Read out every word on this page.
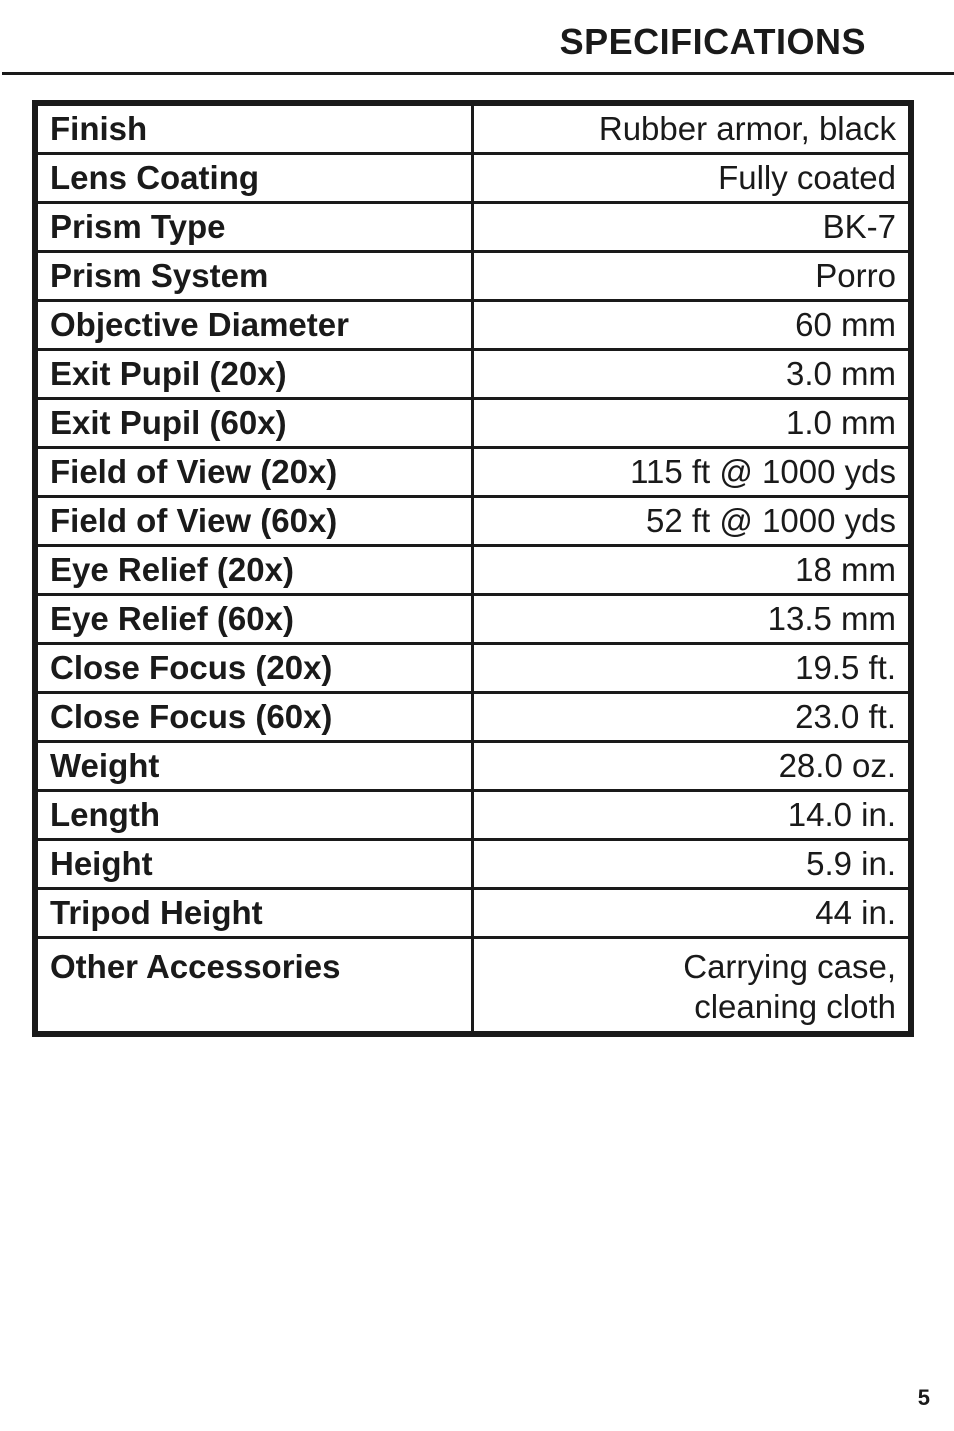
SPECIFICATIONS
Finish	Rubber armor, black
Lens Coating	Fully coated
Prism Type	BK-7
Prism System	Porro
Objective Diameter	60 mm
Exit Pupil (20x)	3.0 mm
Exit Pupil (60x)	1.0 mm
Field of View (20x)	115 ft @ 1000 yds
Field of View (60x)	52 ft @ 1000 yds
Eye Relief (20x)	18 mm
Eye Relief (60x)	13.5 mm
Close Focus (20x)	19.5 ft.
Close Focus (60x)	23.0 ft.
Weight	28.0 oz.
Length	14.0 in.
Height	5.9 in.
Tripod Height	44 in.
Other Accessories	Carrying case,
cleaning cloth
5
